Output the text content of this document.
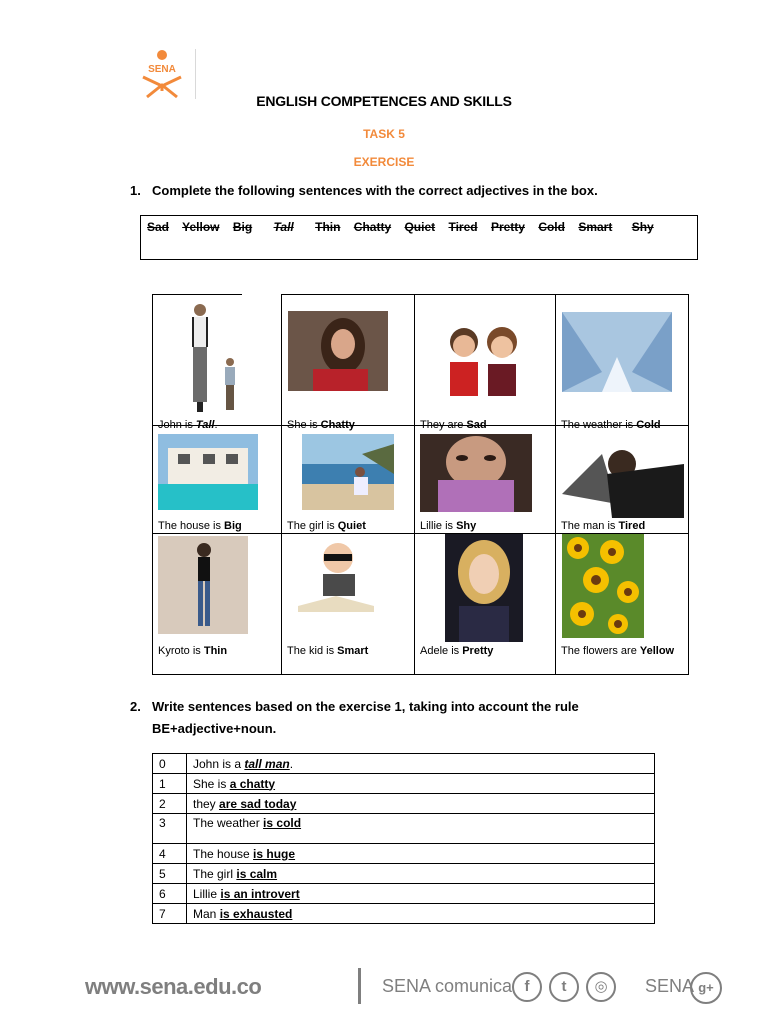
SENA
ENGLISH COMPETENCES AND SKILLS
TASK 5
EXERCISE
1. Complete the following sentences with the correct adjectives in the box.
Sad Yellow Big Tall Thin Chatty Quiet Tired Pretty Cold Smart Shy
John is Tall.	She is Chatty	They are Sad	The weather is Cold
The house is Big	The girl is Quiet	Lillie is Shy	The man is Tired
Kyroto is Thin	The kid is Smart	Adele is Pretty	The flowers are Yellow
2. Write sentences based on the exercise 1, taking into account the rule
BE+adjective+noun.
0	John is a tall man.
1	She is a chatty
2	they are sad today
3	The weather is cold
4	The house is huge
5	The girl is calm
6	Lillie is an introvert
7	Man is exhausted
www.sena.edu.co	SENA comunica f	t	◎	SENA g+
